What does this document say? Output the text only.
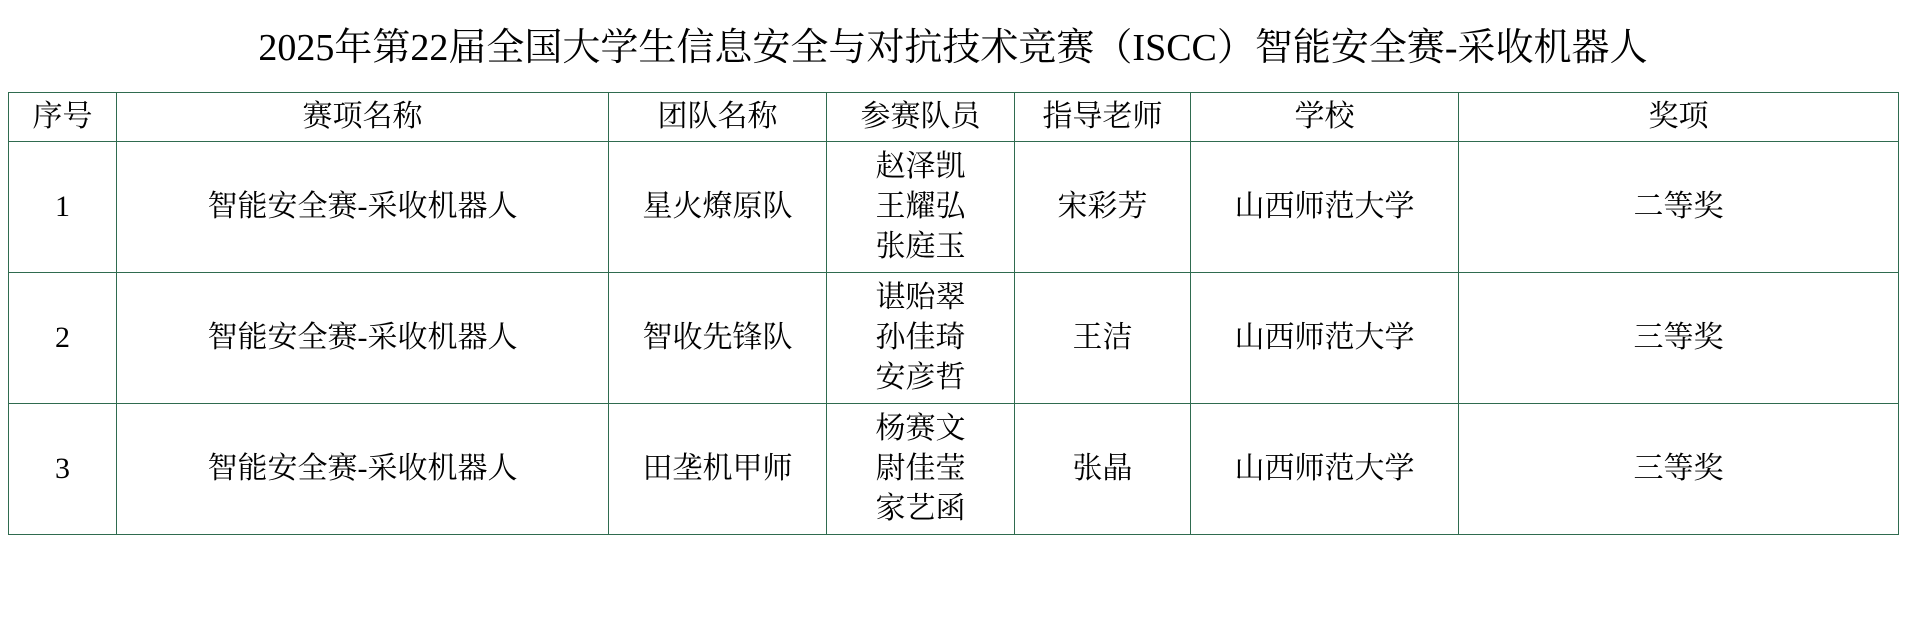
2025年第22届全国大学生信息安全与对抗技术竞赛（ISCC）智能安全赛-采收机器人
序号	赛项名称	团队名称	参赛队员	指导老师	学校	奖项
1	智能安全赛-采收机器人	星火燎原队	赵泽凯
王耀弘
张庭玉	宋彩芳	山西师范大学	二等奖
2	智能安全赛-采收机器人	智收先锋队	谌贻翠
孙佳琦
安彦哲	王洁	山西师范大学	三等奖
3	智能安全赛-采收机器人	田垄机甲师	杨赛文
尉佳莹
家艺函	张晶	山西师范大学	三等奖
